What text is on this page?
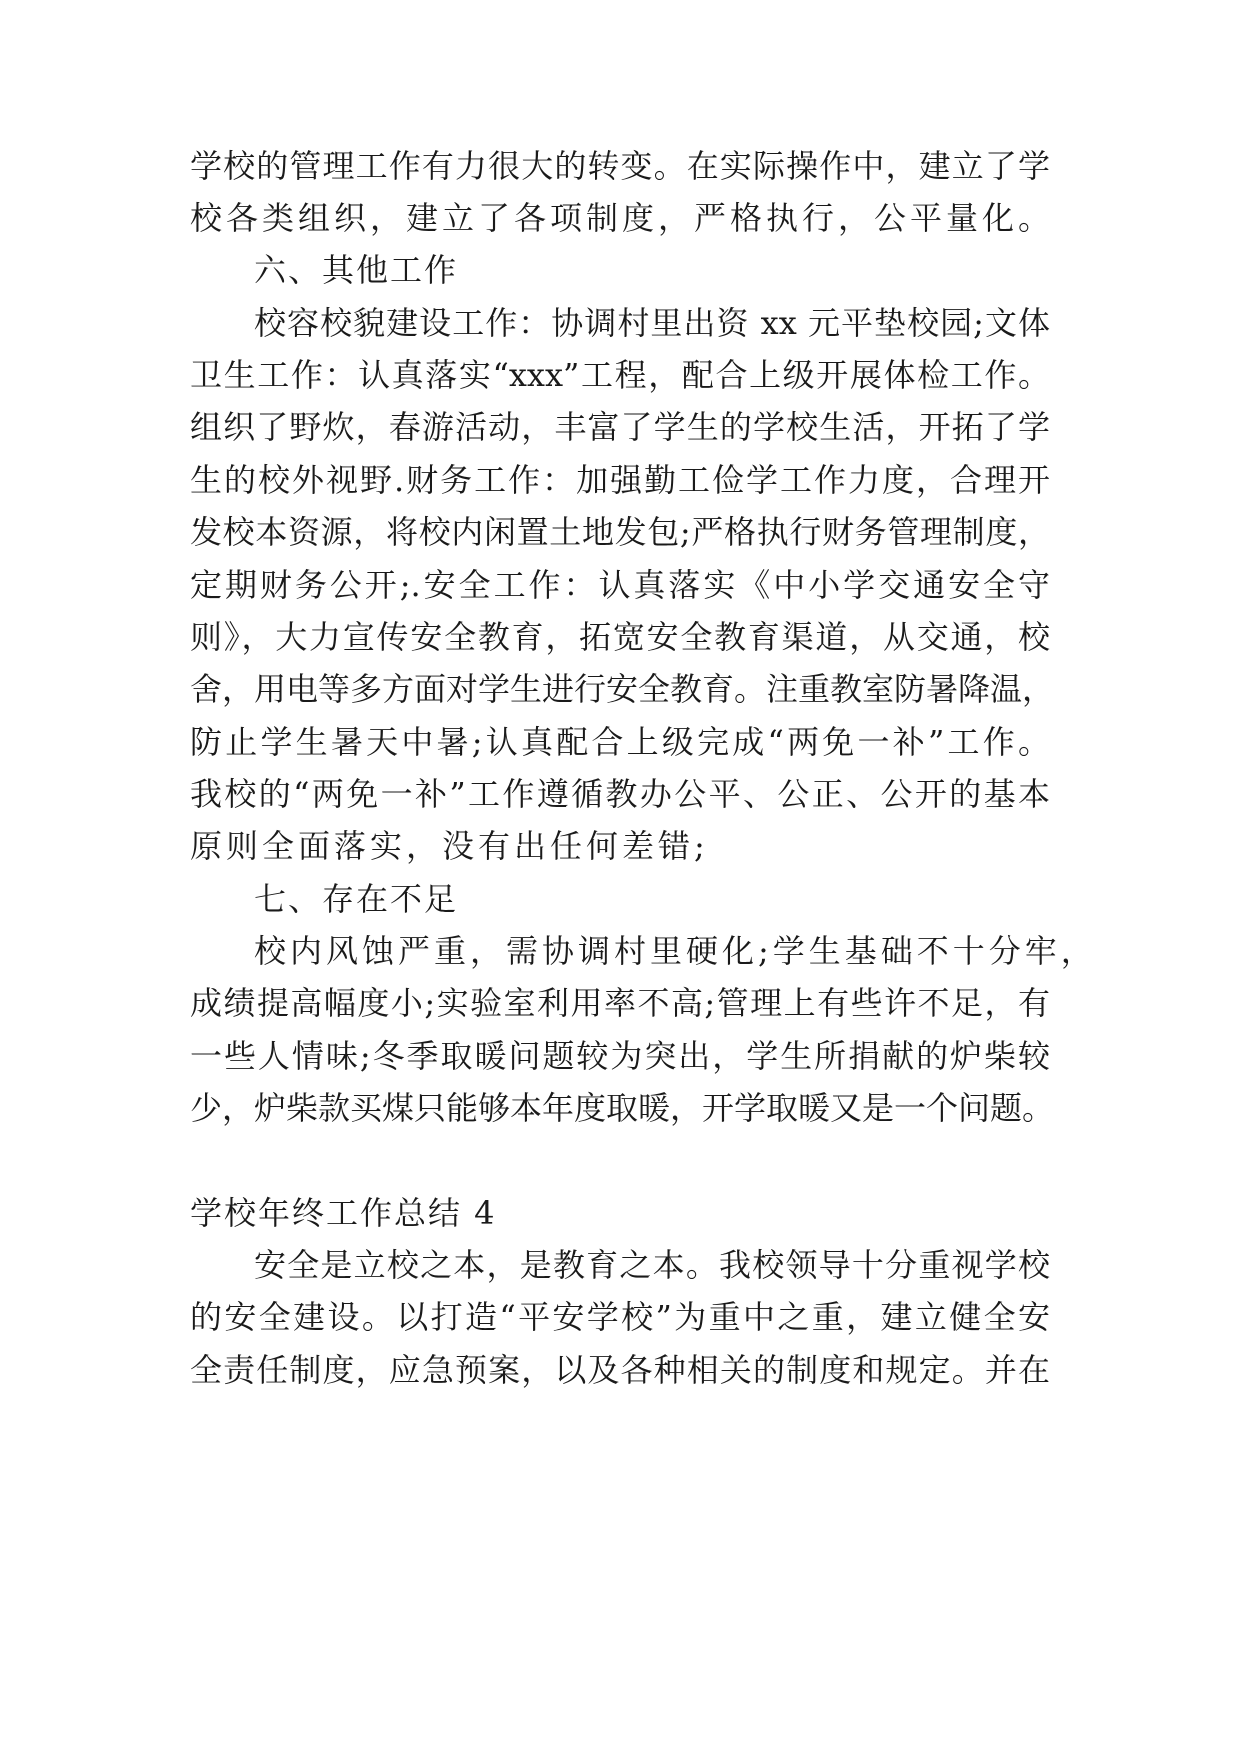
学校的管理工作有力很大的转变。在实际操作中，建立了学
校各类组织，建立了各项制度，严格执行，公平量化。
六、其他工作
校容校貌建设工作：协调村里出资 xx 元平垫校园;文体
卫生工作：认真落实“xxx”工程，配合上级开展体检工作。
组织了野炊，春游活动，丰富了学生的学校生活，开拓了学
生的校外视野.财务工作：加强勤工俭学工作力度，合理开
发校本资源，将校内闲置土地发包;严格执行财务管理制度，
定期财务公开;.安全工作：认真落实《中小学交通安全守
则》，大力宣传安全教育，拓宽安全教育渠道，从交通，校
舍，用电等多方面对学生进行安全教育。注重教室防暑降温，
防止学生暑天中暑;认真配合上级完成“两免一补”工作。
我校的“两免一补”工作遵循教办公平、公正、公开的基本
原则全面落实，没有出任何差错;
七、存在不足
校内风蚀严重，需协调村里硬化;学生基础不十分牢，
成绩提高幅度小;实验室利用率不高;管理上有些许不足，有
一些人情味;冬季取暖问题较为突出，学生所捐献的炉柴较
少，炉柴款买煤只能够本年度取暖，开学取暖又是一个问题。
学校年终工作总结 4
安全是立校之本，是教育之本。我校领导十分重视学校
的安全建设。以打造“平安学校”为重中之重，建立健全安
全责任制度，应急预案，以及各种相关的制度和规定。并在
